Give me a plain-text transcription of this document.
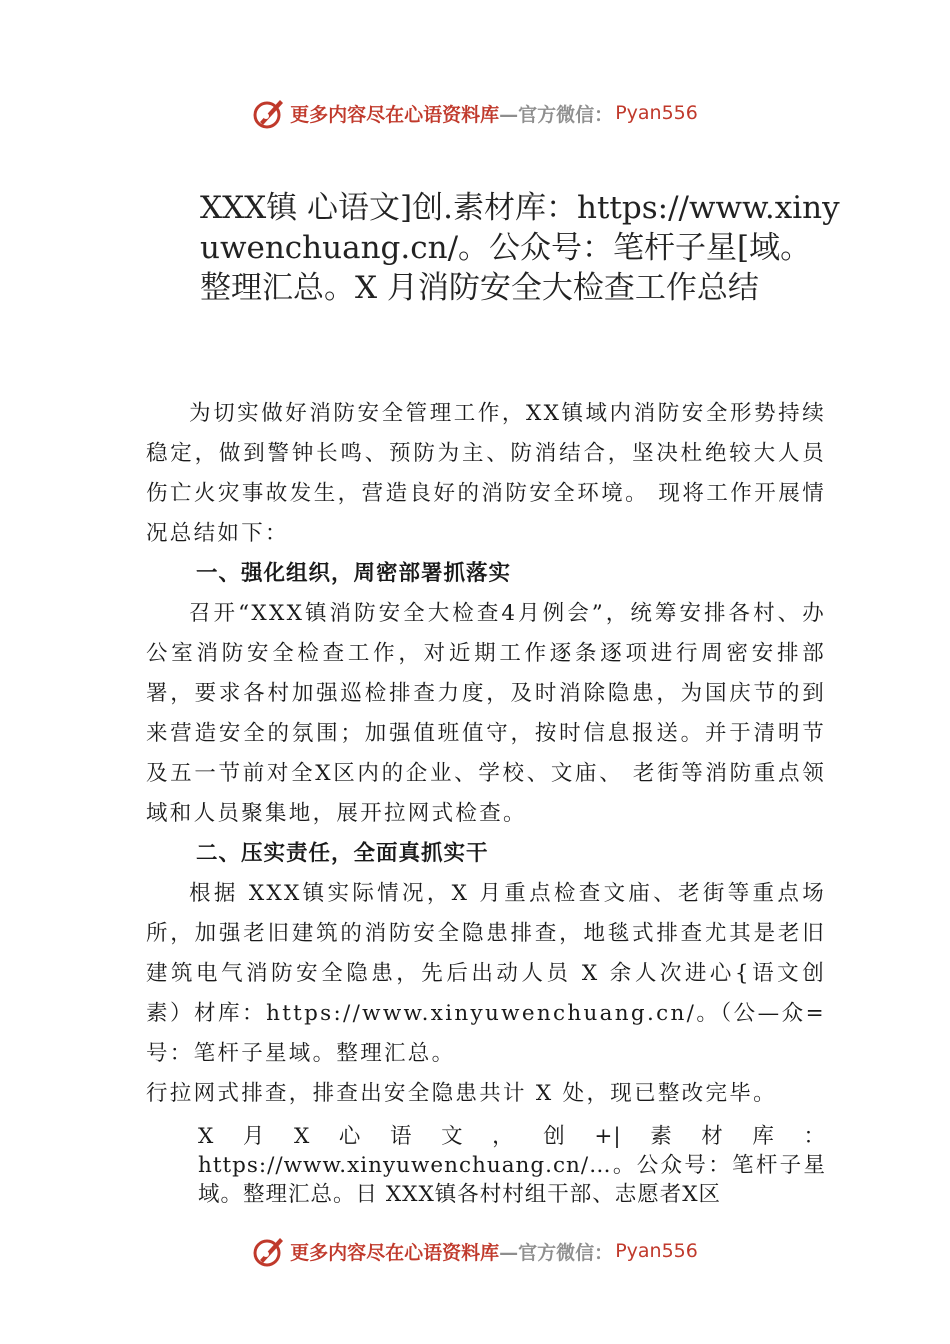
更多内容尽在心语资料库 —官方微信： Pyan556
XXX镇 心语文]创.素材库：https://www.xinyuwenchuang.cn/。公众号：笔杆子星[域。整理汇总。X 月消防安全大检查工作总结

为切实做好消防安全管理工作，XX镇域内消防安全形势持续稳定，做到警钟长鸣、预防为主、防消结合，坚决杜绝较大人员伤亡火灾事故发生，营造良好的消防安全环境。 现将工作开展情况总结如下：

一、强化组织，周密部署抓落实

召开“XXX镇消防安全大检查4月例会”，统筹安排各村、办公室消防安全检查工作，对近期工作逐条逐项进行周密安排部署，要求各村加强巡检排查力度，及时消除隐患，为国庆节的到来营造安全的氛围；加强值班值守，按时信息报送。并于清明节及五一节前对全X区内的企业、学校、文庙、 老街等消防重点领域和人员聚集地，展开拉网式检查。

二、压实责任，全面真抓实干

根据 XXX镇实际情况，X 月重点检查文庙、老街等重点场所，加强老旧建筑的消防安全隐患排查，地毯式排查尤其是老旧建筑电气消防安全隐患，先后出动人员 X 余人次进心{语文创素）材库：https://www.xinyuwenchuang.cn/。（公—众=号：笔杆子星域。整理汇总。

行拉网式排查，排查出安全隐患共计 X 处，现已整改完毕。

X 月 X 心 语 文 ， 创 +| 素 材 库 ：
https://www.xinyuwenchuang.cn/…。公众号：笔杆子星域。整理汇总。日 XXX镇各村村组干部、志愿者X区

更多内容尽在心语资料库 —官方微信： Pyan556
